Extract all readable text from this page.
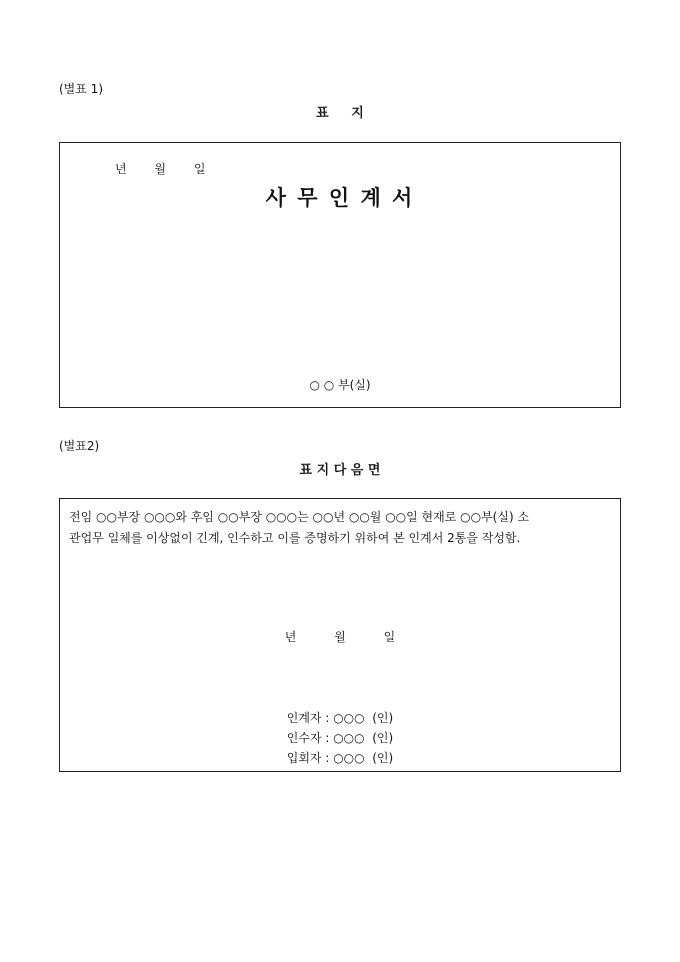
(별표 1)
표     지
년 월 일
사 무 인 계 서
○ ○ 부(실)
(별표2)
표 지 다 음 면
전임 ○○부장 ○○○와 후임 ○○부장 ○○○는 ○○년 ○○월 ○○일 현재로 ○○부(실) 소
관업무 일체를 이상없이 긴계, 인수하고 이를 증명하기 위하여 본 인계서 2통을 작성함.
년	월	일
인계자 : ○○○  (인)
인수자 : ○○○  (인)
입회자 : ○○○  (인)
